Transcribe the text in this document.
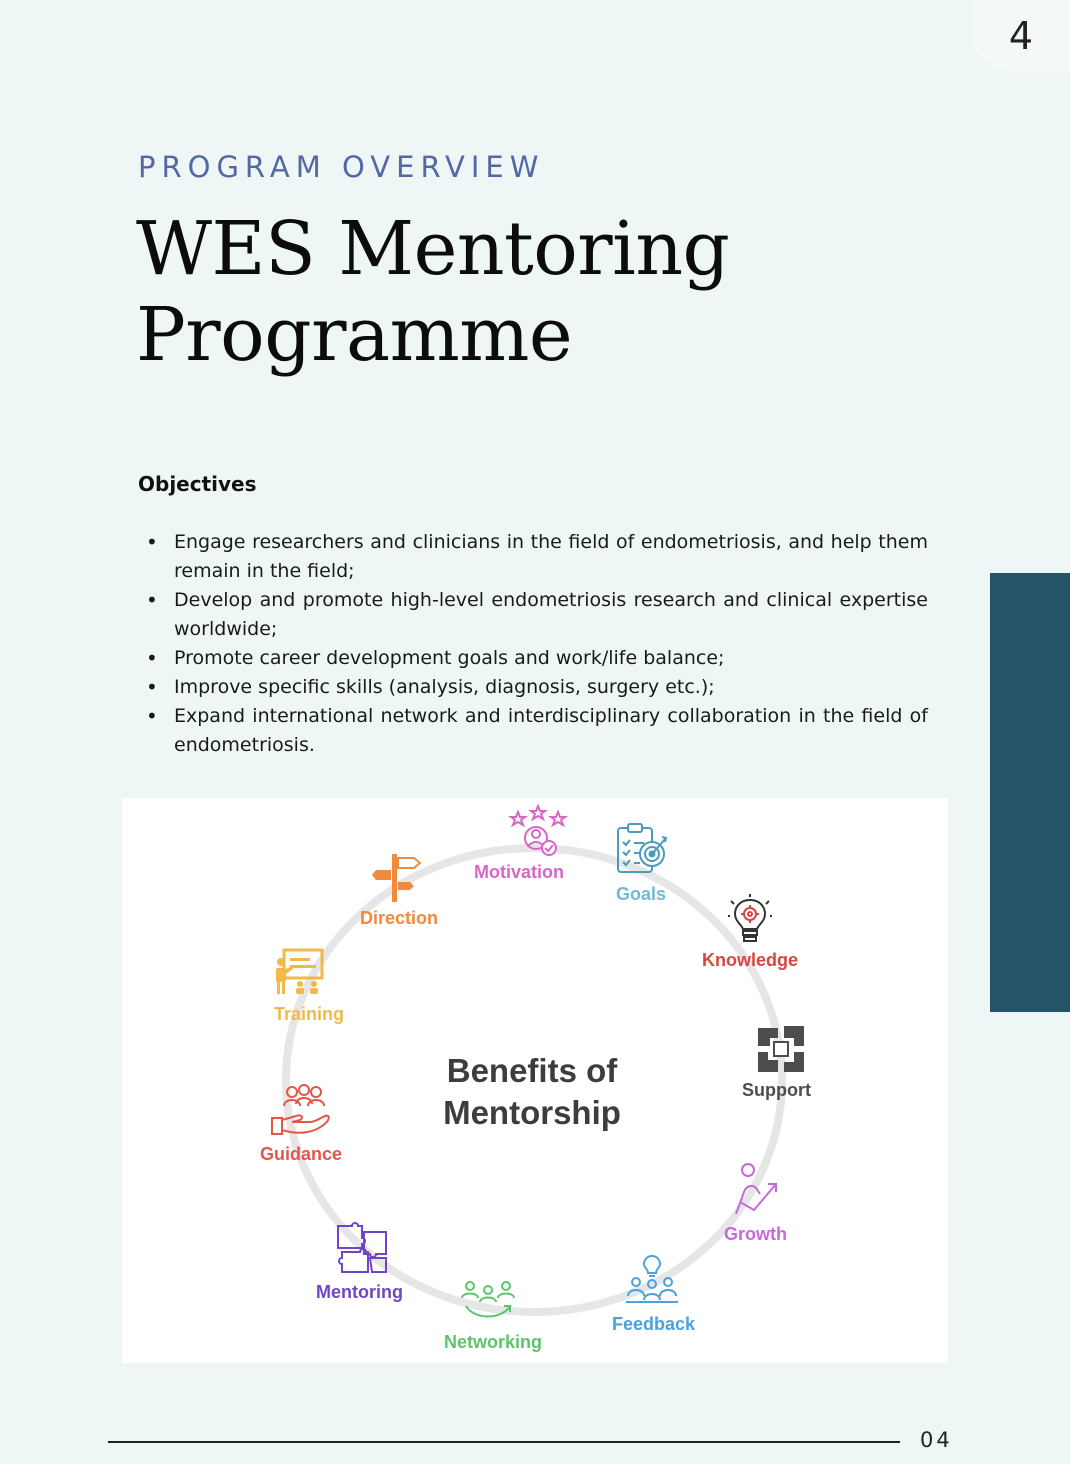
4
PROGRAM OVERVIEW
WES Mentoring
Programme
Objectives
• Engage researchers and clinicians in the field of endometriosis, and help them remain in the field;
• Develop and promote high-level endometriosis research and clinical expertise worldwide;
• Promote career development goals and work/life balance;
• Improve specific skills (analysis, diagnosis, surgery etc.);
• Expand international network and interdisciplinary collaboration in the field of endometriosis.
Benefits of
Mentorship
Motivation
Goals
Knowledge
Support
Growth
Feedback
Networking
Mentoring
Guidance
Training
Direction
04
